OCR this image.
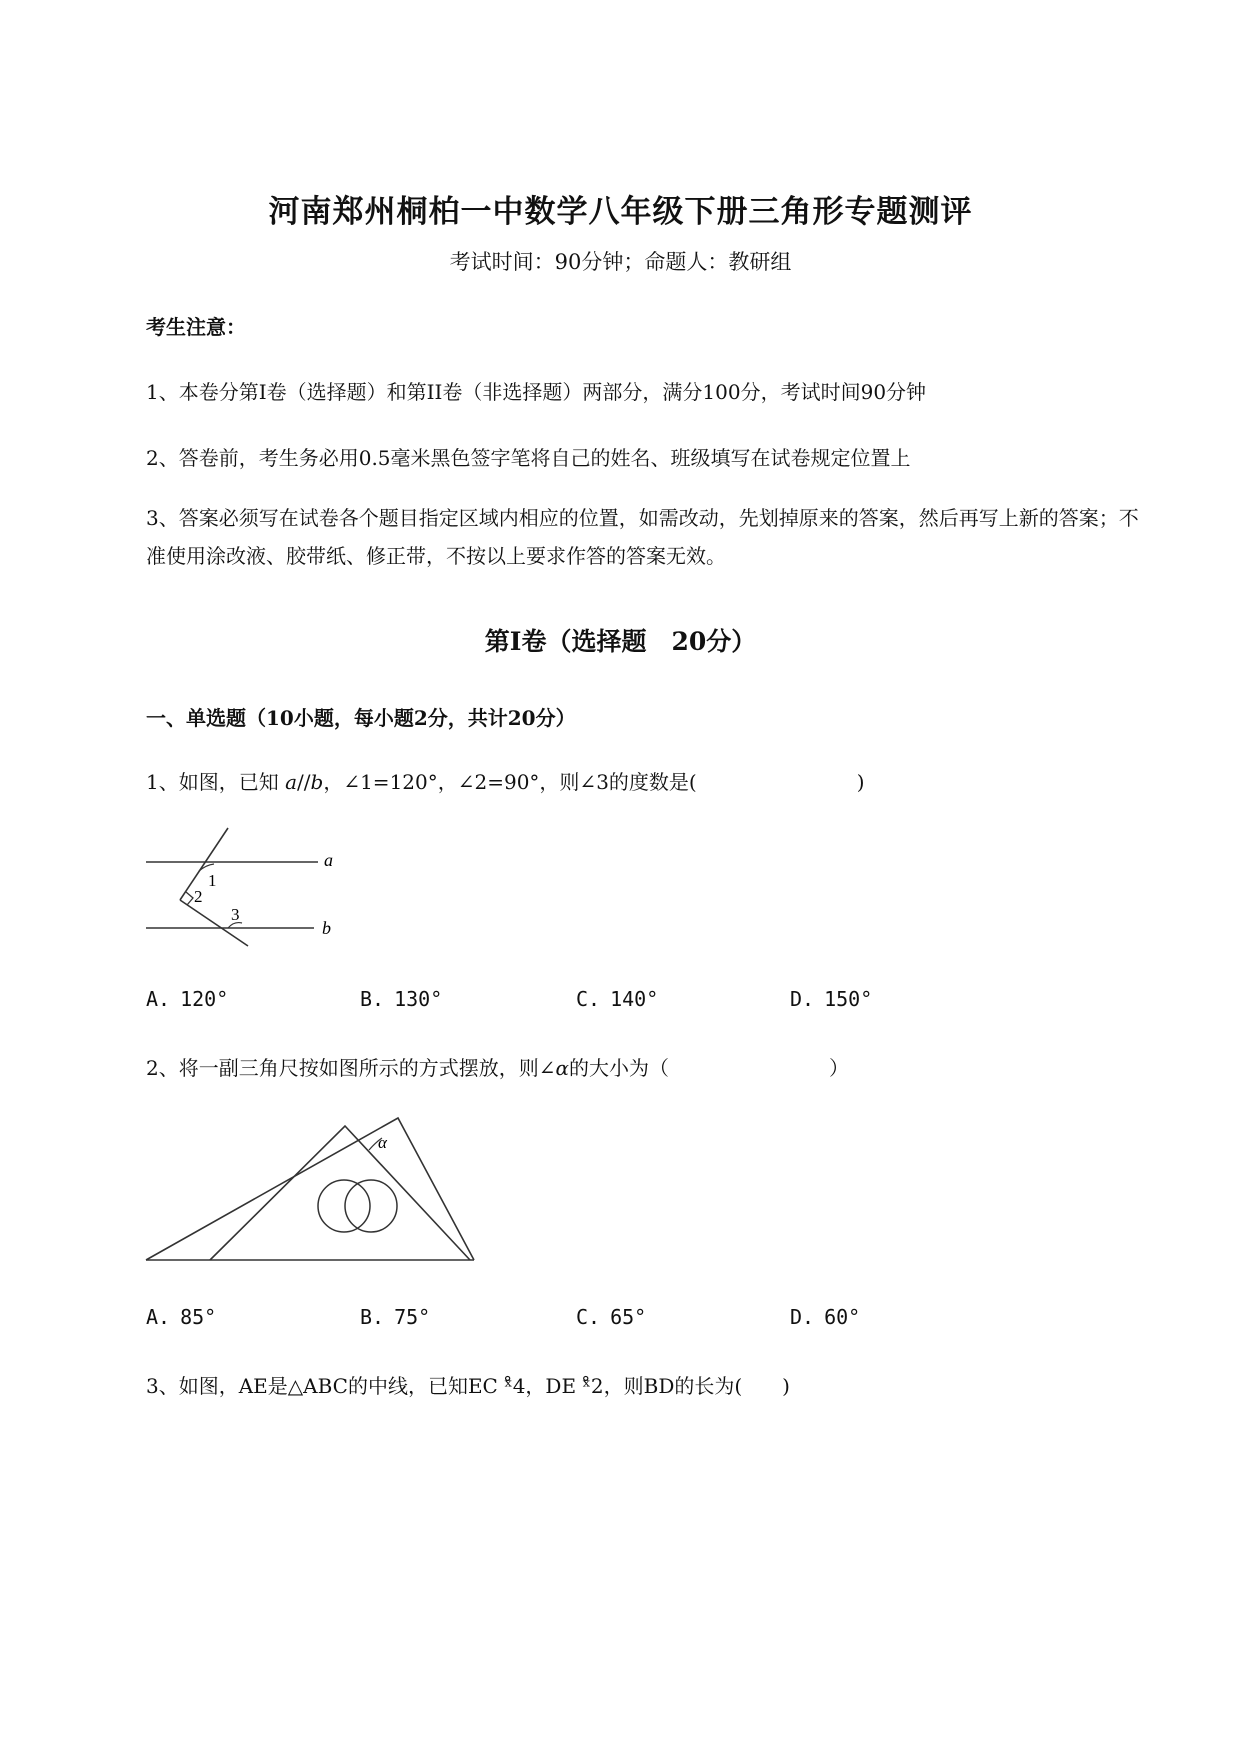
河南郑州桐柏一中数学八年级下册三角形专题测评
考试时间：90分钟；命题人：教研组
考生注意：
1、本卷分第I卷（选择题）和第II卷（非选择题）两部分，满分100分，考试时间90分钟
2、答卷前，考生务必用0.5毫米黑色签字笔将自己的姓名、班级填写在试卷规定位置上
3、答案必须写在试卷各个题目指定区域内相应的位置，如需改动，先划掉原来的答案，然后再写上新的答案；不准使用涂改液、胶带纸、修正带，不按以上要求作答的答案无效。
第I卷（选择题　20分）
一、单选题（10小题，每小题2分，共计20分）
1、如图，已知 a//b，∠1=120°，∠2=90°，则∠3的度数是(　　　　　　　　)
a
b
1
2
3
A. 120°	B. 130°	C. 140°	D. 150°
2、将一副三角尺按如图所示的方式摆放，则∠α的大小为（　　　　　　　　）
α
A. 85°	B. 75°	C. 65°	D. 60°
3、如图，AE是△ABC的中线，已知EC ˣ̊4，DE ˣ̊2，则BD的长为(　　)
